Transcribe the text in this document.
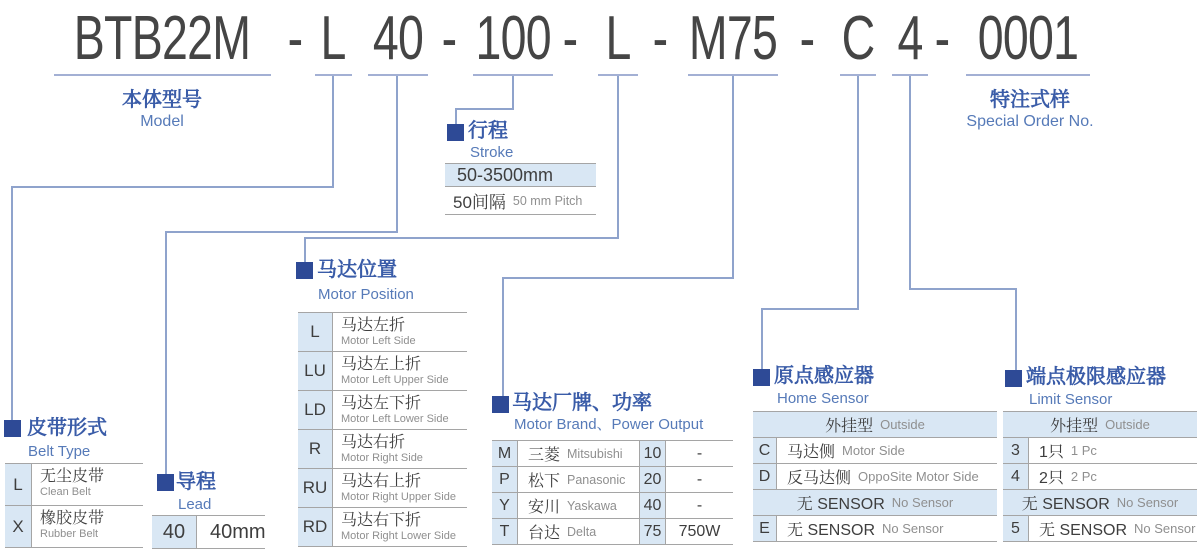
BTB22M - L 40 - 100 - L - M75 - C 4 - 0001
本体型号
Model
特注式样
Special Order No.
行程
Stroke
50-3500mm
50间隔 50 mm Pitch
皮带形式
Belt Type
L	无尘皮带
Clean Belt
X	橡胶皮带
Rubber Belt
导程
Lead
40	40mm
马达位置
Motor Position
L	马达左折
Motor Left Side
LU 马达左上折
Motor Left Upper Side
LD 马达左下折
Motor Left Lower Side
R	马达右折
Motor Right Side
RU 马达右上折
Motor Right Upper Side
RD 马达右下折
Motor Right Lower Side
马达厂牌、功率
Motor Brand、Power Output
M	三菱 Mitsubishi 10	-
P	松下 Panasonic 20	-
Y	安川 Yaskawa 40	-
T	台达 Delta	75	750W
原点感应器
Home Sensor
外挂型 Outside
C	马达侧 Motor Side
D	反马达侧 OppoSite Motor Side
无 SENSOR No Sensor
E	无 SENSOR No Sensor
端点极限感应器
Limit Sensor
外挂型 Outside
3	1只 1 Pc
4	2只 2 Pc
无 SENSOR No Sensor
5	无 SENSOR No Sensor
